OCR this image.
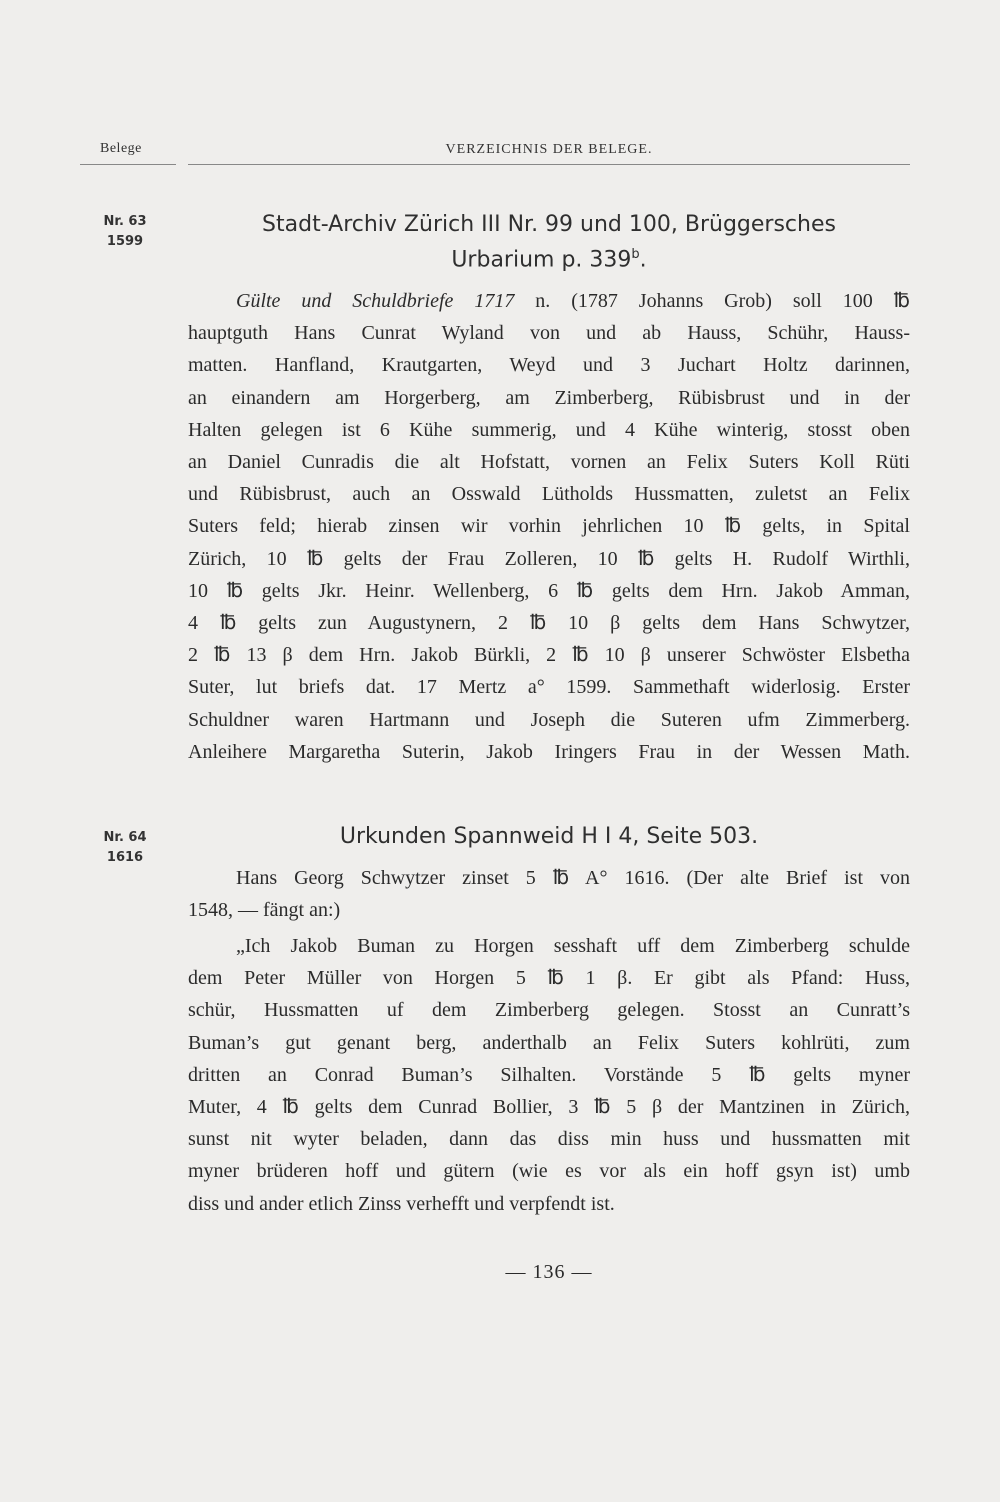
Belege	VERZEICHNIS DER BELEGE.
Nr. 63
1599
Stadt-Archiv Zürich III Nr. 99 und 100, Brüggersches
Urbarium p. 339$^b$.
Gülte und Schuldbriefe 1717 n. (1787 Johanns Grob) soll 100 ℔
hauptguth Hans Cunrat Wyland von und ab Hauss, Schühr, Hauss-
matten. Hanfland, Krautgarten, Weyd und 3 Juchart Holtz darinnen,
an einandern am Horgerberg, am Zimberberg, Rübisbrust und in der
Halten gelegen ist 6 Kühe summerig, und 4 Kühe winterig, stosst oben
an Daniel Cunradis die alt Hofstatt, vornen an Felix Suters Koll Rüti
und Rübisbrust, auch an Osswald Lütholds Hussmatten, zuletst an Felix
Suters feld; hierab zinsen wir vorhin jehrlichen 10 ℔ gelts, in Spital
Zürich, 10 ℔ gelts der Frau Zolleren, 10 ℔ gelts H. Rudolf Wirthli,
10 ℔ gelts Jkr. Heinr. Wellenberg, 6 ℔ gelts dem Hrn. Jakob Amman,
4 ℔ gelts zun Augustynern, 2 ℔ 10 β gelts dem Hans Schwytzer,
2 ℔ 13 β dem Hrn. Jakob Bürkli, 2 ℔ 10 β unserer Schwöster Elsbetha
Suter, lut briefs dat. 17 Mertz a° 1599. Sammethaft widerlosig. Erster
Schuldner waren Hartmann und Joseph die Suteren ufm Zimmerberg.
Anleihere Margaretha Suterin, Jakob Iringers Frau in der Wessen Math.
Nr. 64
1616
Urkunden Spannweid H I 4, Seite 503.
Hans Georg Schwytzer zinset 5 ℔ A° 1616. (Der alte Brief ist von
1548, — fängt an:)
„Ich Jakob Buman zu Horgen sesshaft uff dem Zimberberg schulde
dem Peter Müller von Horgen 5 ℔ 1 β. Er gibt als Pfand: Huss,
schür, Hussmatten uf dem Zimberberg gelegen. Stosst an Cunratt’s
Buman’s gut genant berg, anderthalb an Felix Suters kohlrüti, zum
dritten an Conrad Buman’s Silhalten. Vorstände 5 ℔ gelts myner
Muter, 4 ℔ gelts dem Cunrad Bollier, 3 ℔ 5 β der Mantzinen in Zürich,
sunst nit wyter beladen, dann das diss min huss und hussmatten mit
myner brüderen hoff und gütern (wie es vor als ein hoff gsyn ist) umb
diss und ander etlich Zinss verhefft und verpfendt ist.
— 136 —
